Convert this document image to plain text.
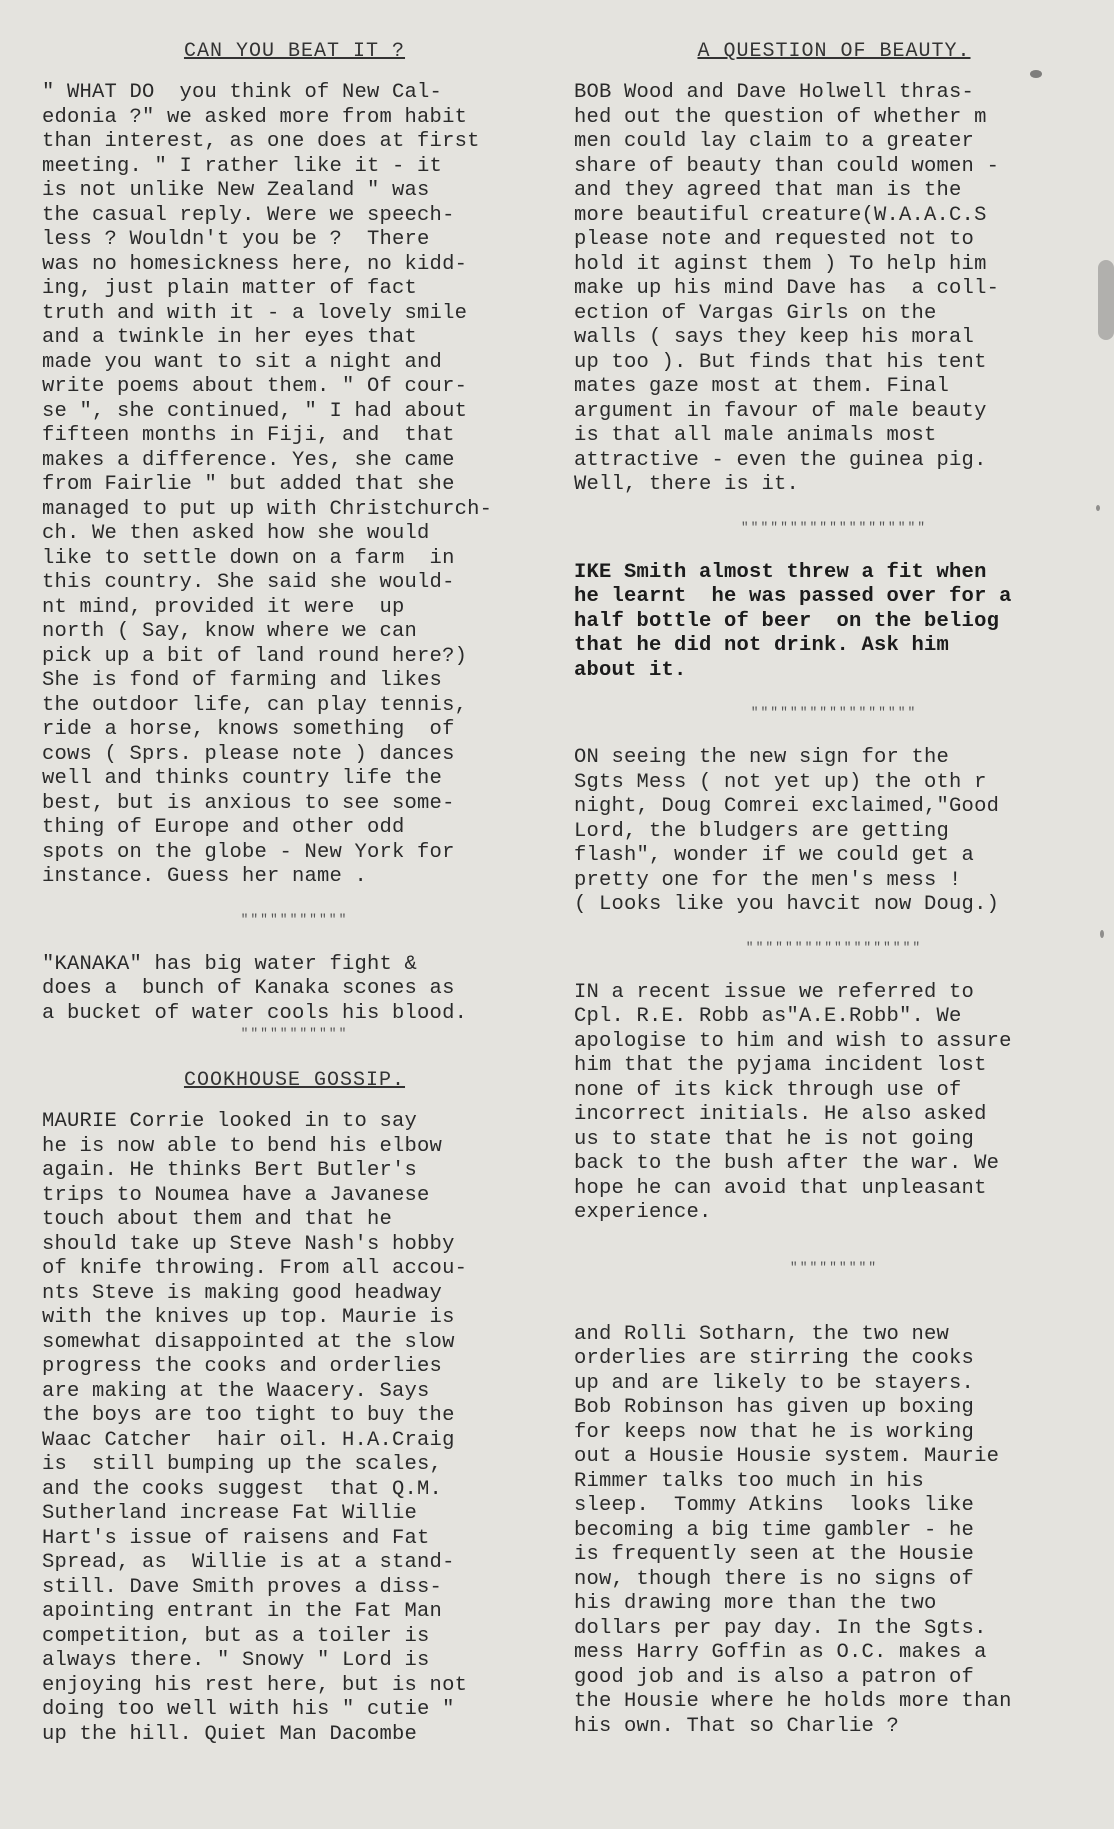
CAN YOU BEAT IT ?

" WHAT DO  you think of New Cal-
edonia ?" we asked more from habit
than interest, as one does at first
meeting. " I rather like it - it
is not unlike New Zealand " was
the casual reply. Were we speech-
less ? Wouldn't you be ?  There
was no homesickness here, no kidd-
ing, just plain matter of fact
truth and with it - a lovely smile
and a twinkle in her eyes that
made you want to sit a night and
write poems about them. " Of cour-
se ", she continued, " I had about
fifteen months in Fiji, and  that
makes a difference. Yes, she came
from Fairlie " but added that she
managed to put up with Christchurch-
ch. We then asked how she would
like to settle down on a farm  in
this country. She said she would-
nt mind, provided it were  up
north ( Say, know where we can
pick up a bit of land round here?)
She is fond of farming and likes
the outdoor life, can play tennis,
ride a horse, knows something  of
cows ( Sprs. please note ) dances
well and thinks country life the
best, but is anxious to see some-
thing of Europe and other odd
spots on the globe - New York for
instance. Guess her name .

"""""""""""

"KANAKA" has big water fight &
does a  bunch of Kanaka scones as
a bucket of water cools his blood.

"""""""""""
COOKHOUSE GOSSIP.

MAURIE Corrie looked in to say
he is now able to bend his elbow
again. He thinks Bert Butler's
trips to Noumea have a Javanese
touch about them and that he
should take up Steve Nash's hobby
of knife throwing. From all accou-
nts Steve is making good headway
with the knives up top. Maurie is
somewhat disappointed at the slow
progress the cooks and orderlies
are making at the Waacery. Says
the boys are too tight to buy the
Waac Catcher  hair oil. H.A.Craig
is  still bumping up the scales,
and the cooks suggest  that Q.M.
Sutherland increase Fat Willie
Hart's issue of raisens and Fat
Spread, as  Willie is at a stand-
still. Dave Smith proves a diss-
apointing entrant in the Fat Man
competition, but as a toiler is
always there. " Snowy " Lord is
enjoying his rest here, but is not
doing too well with his " cutie "
up the hill. Quiet Man Dacombe

A QUESTION OF BEAUTY.

BOB Wood and Dave Holwell thras-
hed out the question of whether m
men could lay claim to a greater
share of beauty than could women -
and they agreed that man is the
more beautiful creature(W.A.A.C.S
please note and requested not to
hold it aginst them ) To help him
make up his mind Dave has  a coll-
ection of Vargas Girls on the
walls ( says they keep his moral
up too ). But finds that his tent
mates gaze most at them. Final
argument in favour of male beauty
is that all male animals most
attractive - even the guinea pig.
Well, there is it.

"""""""""""""""""""

IKE Smith almost threw a fit when
he learnt  he was passed over for a
half bottle of beer  on the beliog
that he did not drink. Ask him
about it.

"""""""""""""""""

ON seeing the new sign for the
Sgts Mess ( not yet up) the oth r
night, Doug Comrei exclaimed,"Good
Lord, the bludgers are getting
flash", wonder if we could get a
pretty one for the men's mess !
( Looks like you havcit now Doug.)

""""""""""""""""""

IN a recent issue we referred to
Cpl. R.E. Robb as"A.E.Robb". We
apologise to him and wish to assure
him that the pyjama incident lost
none of its kick through use of
incorrect initials. He also asked
us to state that he is not going
back to the bush after the war. We
hope he can avoid that unpleasant
experience.

"""""""""

and Rolli Sotharn, the two new
orderlies are stirring the cooks
up and are likely to be stayers.
Bob Robinson has given up boxing
for keeps now that he is working
out a Housie Housie system. Maurie
Rimmer talks too much in his
sleep.  Tommy Atkins  looks like
becoming a big time gambler - he
is frequently seen at the Housie
now, though there is no signs of
his drawing more than the two
dollars per pay day. In the Sgts.
mess Harry Goffin as O.C. makes a
good job and is also a patron of
the Housie where he holds more than
his own. That so Charlie ?
